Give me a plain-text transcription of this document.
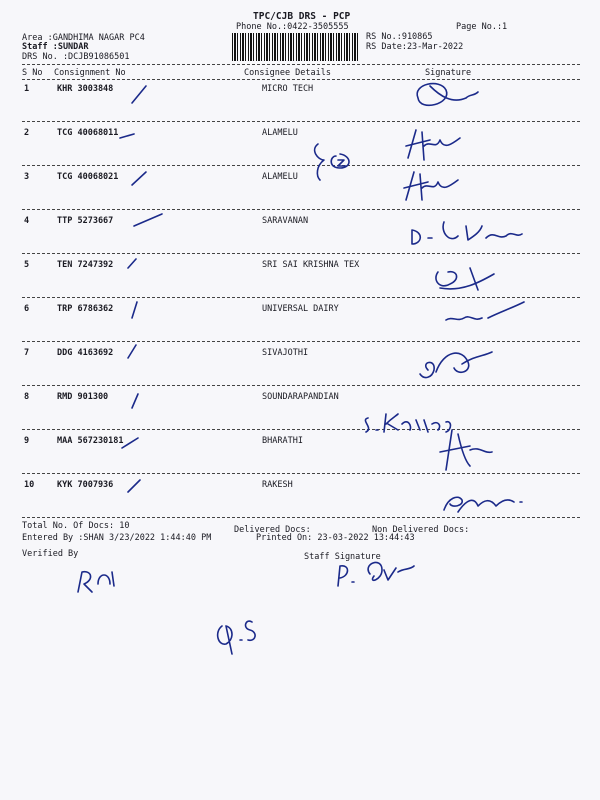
TPC/CJB DRS - PCP
Phone No.:0422-3505555	Page No.:1
Area :GANDHIMA NAGAR PC4
Staff :SUNDAR
DRS No. :DCJB91086501
RS No.:910865
RS Date:23-Mar-2022
S No Consignment No	Consignee Details	Signature
1	KHR 3003848	MICRO TECH
2	TCG 40068011	ALAMELU
3	TCG 40068021	ALAMELU
4	TTP 5273667	SARAVANAN
5	TEN 7247392	SRI SAI KRISHNA TEX
6	TRP 6786362	UNIVERSAL DAIRY
7	DDG 4163692	SIVAJOTHI
8	RMD 901300	SOUNDARAPANDIAN
9	MAA 567230181	BHARATHI
10	KYK 7007936	RAKESH
Total No. Of Docs: 10	Delivered Docs:	Non Delivered Docs:
Entered By :SHAN 3/23/2022 1:44:40 PM	Printed On: 23-03-2022 13:44:43
Verified By	Staff Signature
